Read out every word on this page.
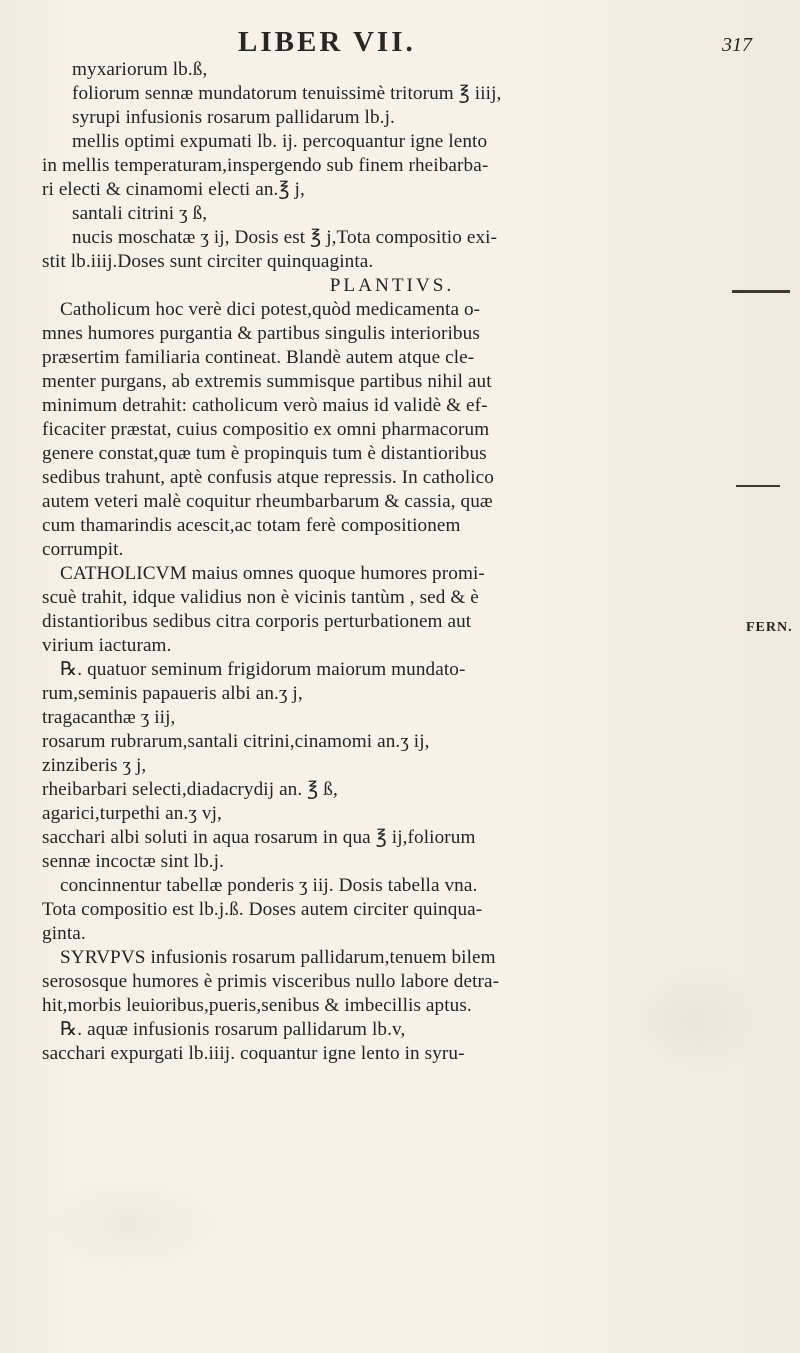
LIBER VII.	317
myxariorum lb.ß,
foliorum sennæ mundatorum tenuissimè tritorum ℥ iiij,
syrupi infusionis rosarum pallidarum lb.j.
mellis optimi expumati lb. ij. percoquantur igne lento
in mellis temperaturam,inspergendo sub finem rheibarba-
ri electi & cinamomi electi an.℥ j,
santali citrini ʒ ß,
nucis moschatæ ʒ ij, Dosis est ℥ j,Tota compositio exi-
stit lb.iiij.Doses sunt circiter quinquaginta.
PLANTIVS.
Catholicum hoc verè dici potest,quòd medicamenta o-
mnes humores purgantia & partibus singulis interioribus
præsertim familiaria contineat. Blandè autem atque cle-
menter purgans, ab extremis summisque partibus nihil aut
minimum detrahit: catholicum verò maius id validè & ef-
ficaciter præstat, cuius compositio ex omni pharmacorum
genere constat,quæ tum è propinquis tum è distantioribus
sedibus trahunt, aptè confusis atque repressis. In catholico
autem veteri malè coquitur rheumbarbarum & cassia, quæ
cum thamarindis acescit,ac totam ferè compositionem
corrumpit.
CATHOLICVM maius omnes quoque humores promi-
scuè trahit, idque validius non è vicinis tantùm , sed & è
distantioribus sedibus citra corporis perturbationem aut
virium iacturam.
℞. quatuor seminum frigidorum maiorum mundato-
rum,seminis papaueris albi an.ʒ j,
tragacanthæ ʒ iij,
rosarum rubrarum,santali citrini,cinamomi an.ʒ ij,
zinziberis ʒ j,
rheibarbari selecti,diadacrydij an. ℥ ß,
agarici,turpethi an.ʒ vj,
sacchari albi soluti in aqua rosarum in qua ℥ ij,foliorum
sennæ incoctæ sint lb.j.
concinnentur tabellæ ponderis ʒ iij. Dosis tabella vna.
Tota compositio est lb.j.ß. Doses autem circiter quinqua-
ginta.
SYRVPVS infusionis rosarum pallidarum,tenuem bilem
serososque humores è primis visceribus nullo labore detra-
hit,morbis leuioribus,pueris,senibus & imbecillis aptus.
℞. aquæ infusionis rosarum pallidarum lb.v,
sacchari expurgati lb.iiij. coquantur igne lento in syru-
FERN.
